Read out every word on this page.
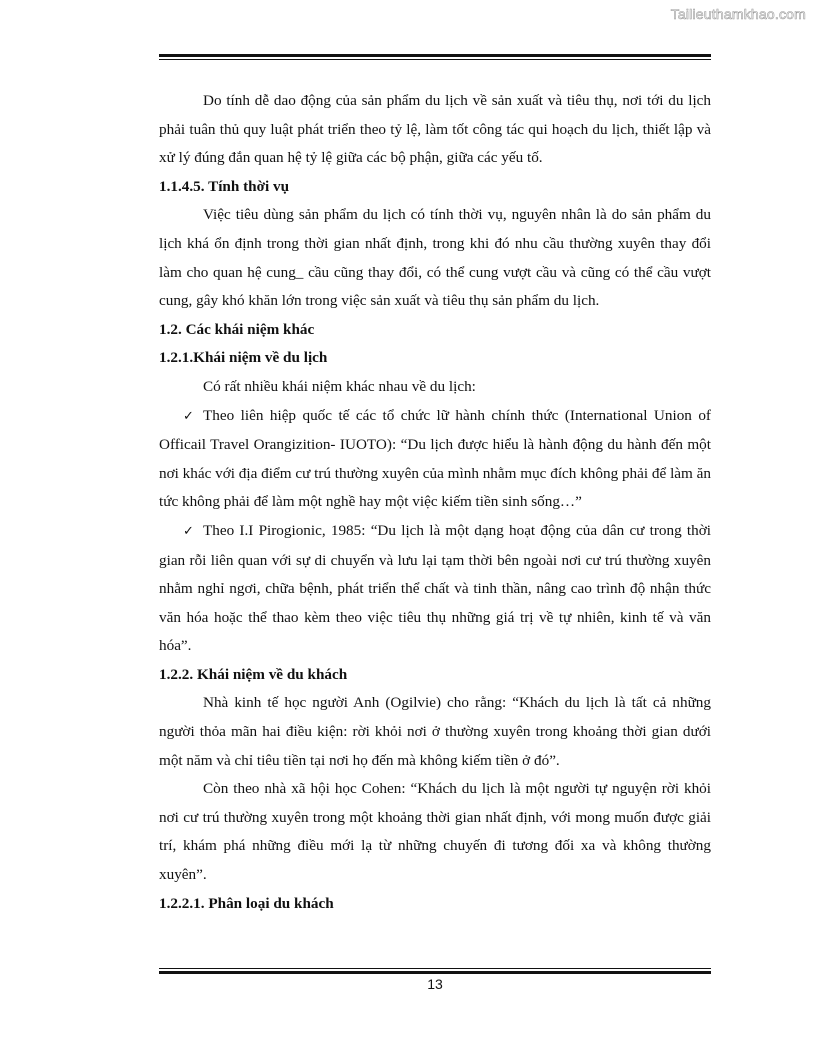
Tailieuthamkhao.com

Do tính dễ dao động của sản phẩm du lịch về sản xuất và tiêu thụ, nơi tới du lịch phải tuân thủ quy luật phát triển theo tỷ lệ, làm tốt công tác qui hoạch du lịch, thiết lập và xử lý đúng đắn quan hệ tỷ lệ giữa các bộ phận, giữa các yếu tố.

1.1.4.5. Tính thời vụ

Việc tiêu dùng sản phẩm du lịch có tính thời vụ, nguyên nhân là do sản phẩm du lịch khá ổn định trong thời gian nhất định, trong khi đó nhu cầu thường xuyên thay đổi làm cho quan hệ cung_ cầu cũng thay đổi, có thể cung vượt cầu và cũng có thể cầu vượt cung, gây khó khăn lớn trong việc sản xuất và tiêu thụ sản phẩm du lịch.

1.2. Các khái niệm khác

1.2.1.Khái niệm về du lịch

Có rất nhiều khái niệm khác nhau về du lịch:

✓ Theo liên hiệp quốc tế các tổ chức lữ hành chính thức (International Union of Officail Travel Orangizition- IUOTO): “Du lịch được hiểu là hành động du hành đến một nơi khác với địa điểm cư trú thường xuyên của mình nhằm mục đích không phải để làm ăn tức không phải để làm một nghề hay một việc kiếm tiền sinh sống…”

✓ Theo I.I Pirogionic, 1985: “Du lịch là một dạng hoạt động của dân cư trong thời gian rỗi liên quan với sự di chuyển và lưu lại tạm thời bên ngoài nơi cư trú thường xuyên nhằm nghỉ ngơi, chữa bệnh, phát triển thể chất và tinh thần, nâng cao trình độ nhận thức văn hóa hoặc thể thao kèm theo việc tiêu thụ những giá trị về tự nhiên, kinh tế và văn hóa”.

1.2.2. Khái niệm về du khách

Nhà kinh tế học người Anh (Ogilvie) cho rằng: “Khách du lịch là tất cả những người thỏa mãn hai điều kiện: rời khỏi nơi ở thường xuyên trong khoảng thời gian dưới một năm và chỉ tiêu tiền tại nơi họ đến mà không kiếm tiền ở đó”.

Còn theo nhà xã hội học Cohen: “Khách du lịch là một người tự nguyện rời khỏi nơi cư trú thường xuyên trong một khoảng thời gian nhất định, với mong muốn được giải trí, khám phá những điều mới lạ từ những chuyến đi tương đối xa và không thường xuyên”.

1.2.2.1. Phân loại du khách

13
